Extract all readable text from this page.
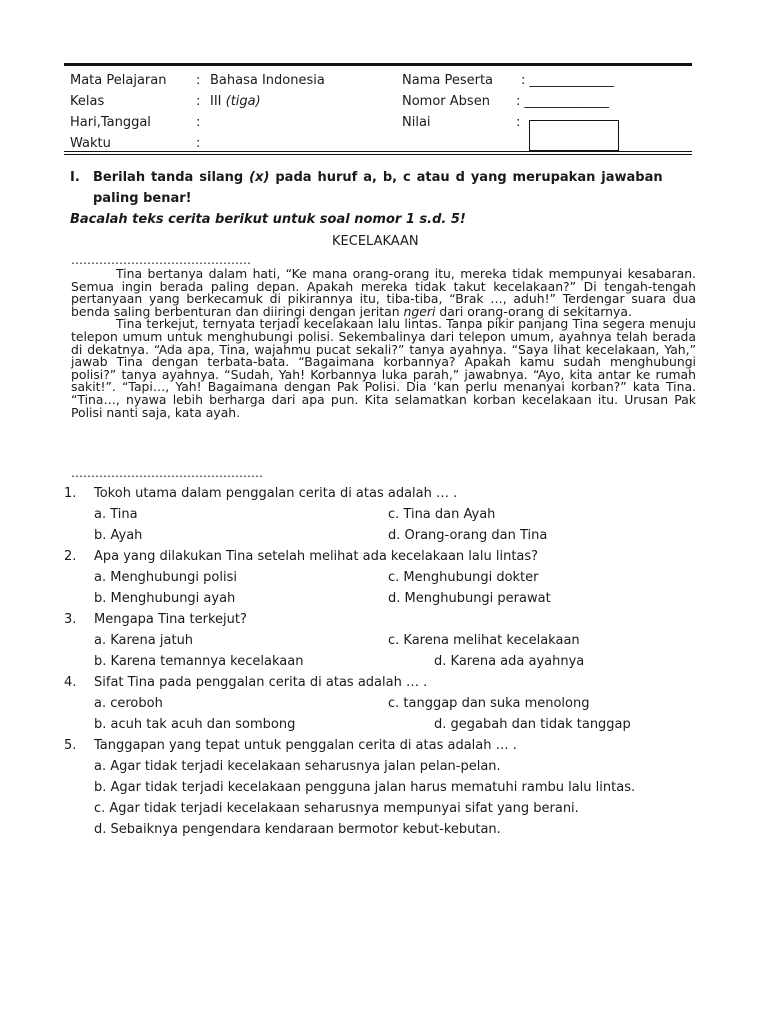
Mata Pelajaran : Bahasa Indonesia	Nama Peserta : _____________
Kelas	: III (tiga)	Nomor Absen : _____________
Hari,Tanggal	:	Nilai	:
Waktu	:
I. Berilah tanda silang (x) pada huruf a, b, c atau d yang merupakan jawaban
paling benar!
Bacalah teks cerita berikut untuk soal nomor 1 s.d. 5!
KECELAKAAN
………………………………………

Tina bertanya dalam hati, “Ke mana orang-orang itu, mereka tidak mempunyai kesabaran. Semua ingin berada paling depan. Apakah mereka tidak takut kecelakaan?” Di tengah-tengah pertanyaan yang berkecamuk di pikirannya itu, tiba-tiba, “Brak …, aduh!” Terdengar suara dua benda saling berbenturan dan diiringi dengan jeritan ngeri dari orang-orang di sekitarnya.

Tina terkejut, ternyata terjadi kecelakaan lalu lintas. Tanpa pikir panjang Tina segera menuju telepon umum untuk menghubungi polisi. Sekembalinya dari telepon umum, ayahnya telah berada di dekatnya. “Ada apa, Tina, wajahmu pucat sekali?” tanya ayahnya. “Saya lihat kecelakaan, Yah,” jawab Tina dengan terbata-bata. “Bagaimana korbannya? Apakah kamu sudah menghubungi polisi?” tanya ayahnya. “Sudah, Yah! Korbannya luka parah,” jawabnya. “Ayo, kita antar ke rumah sakit!”. “Tapi…, Yah! Bagaimana dengan Pak Polisi. Dia ‘kan perlu menanyai korban?” kata Tina. “Tina…, nyawa lebih berharga dari apa pun. Kita selamatkan korban kecelakaan itu. Urusan Pak Polisi nanti saja, kata ayah.

…………………………………………
1. Tokoh utama dalam penggalan cerita di atas adalah … .
a. Tina	c. Tina dan Ayah
b. Ayah	d. Orang-orang dan Tina
2. Apa yang dilakukan Tina setelah melihat ada kecelakaan lalu lintas?
a. Menghubungi polisi	c. Menghubungi dokter
b. Menghubungi ayah	d. Menghubungi perawat
3. Mengapa Tina terkejut?
a. Karena jatuh	c. Karena melihat kecelakaan
b. Karena temannya kecelakaan	d. Karena ada ayahnya
4. Sifat Tina pada penggalan cerita di atas adalah … .
a. ceroboh	c. tanggap dan suka menolong
b. acuh tak acuh dan sombong	d. gegabah dan tidak tanggap
5. Tanggapan yang tepat untuk penggalan cerita di atas adalah … .
a. Agar tidak terjadi kecelakaan seharusnya jalan pelan-pelan.
b. Agar tidak terjadi kecelakaan pengguna jalan harus mematuhi rambu lalu lintas.
c. Agar tidak terjadi kecelakaan seharusnya mempunyai sifat yang berani.
d. Sebaiknya pengendara kendaraan bermotor kebut-kebutan.
